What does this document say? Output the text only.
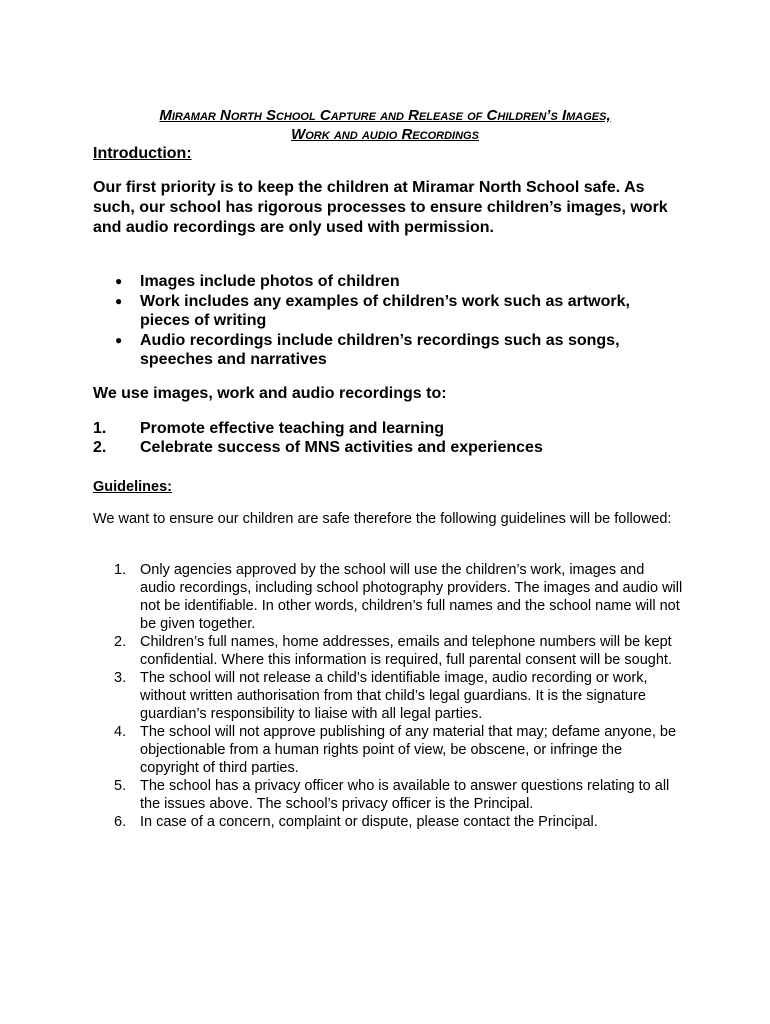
Miramar North School Capture and Release of Children’s Images,
Work and audio Recordings
Introduction:

Our first priority is to keep the children at Miramar North School safe. As such, our school has rigorous processes to ensure children’s images, work and audio recordings are only used with permission.

● Images include photos of children
● Work includes any examples of children’s work such as artwork, pieces of writing
● Audio recordings include children’s recordings such as songs, speeches and narratives

We use images, work and audio recordings to:

1. Promote effective teaching and learning
2. Celebrate success of MNS activities and experiences
Guidelines:

We want to ensure our children are safe therefore the following guidelines will be followed:

1. Only agencies approved by the school will use the children’s work, images and audio recordings, including school photography providers. The images and audio will not be identifiable. In other words, children’s full names and the school name will not be given together.
2. Children’s full names, home addresses, emails and telephone numbers will be kept confidential. Where this information is required, full parental consent will be sought.
3. The school will not release a child’s identifiable image, audio recording or work, without written authorisation from that child’s legal guardians. It is the signature guardian’s responsibility to liaise with all legal parties.
4. The school will not approve publishing of any material that may; defame anyone, be objectionable from a human rights point of view, be obscene, or infringe the copyright of third parties.
5. The school has a privacy officer who is available to answer questions relating to all the issues above. The school’s privacy officer is the Principal.
6. In case of a concern, complaint or dispute, please contact the Principal.
